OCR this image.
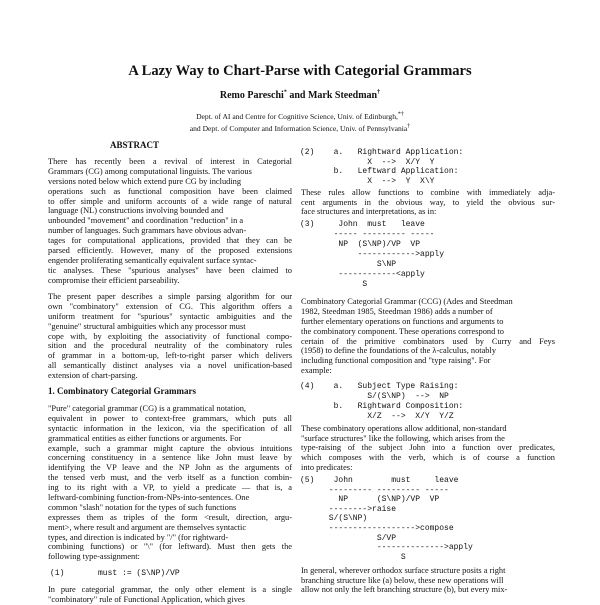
A Lazy Way to Chart-Parse with Categorial Grammars
Remo Pareschi* and Mark Steedman†
Dept. of AI and Centre for Cognitive Science, Univ. of Edinburgh,*†
and Dept. of Computer and Information Science, Univ. of Pennsylvania†
ABSTRACT
There has recently been a revival of interest in Categorial
Grammars (CG) among computational linguists. The various
versions noted below which extend pure CG by including
operations such as functional composition have been claimed
to offer simple and uniform accounts of a wide range of natural
language (NL) constructions involving bounded and
unbounded "movement" and coordination "reduction" in a
number of languages. Such grammars have obvious advan-
tages for computational applications, provided that they can be
parsed efficiently. However, many of the proposed extensions
engender proliferating semantically equivalent surface syntac-
tic analyses. These "spurious analyses" have been claimed to
compromise their efficient parseability.
The present paper describes a simple parsing algorithm for our
own "combinatory" extension of CG. This algorithm offers a
uniform treatment for "spurious" syntactic ambiguities and the
"genuine" structural ambiguities which any processor must
cope with, by exploiting the associativity of functional compo-
sition and the procedural neutrality of the combinatory rules
of grammar in a bottom-up, left-to-right parser which delivers
all semantically distinct analyses via a novel unification-based
extension of chart-parsing.
1. Combinatory Categorial Grammars
"Pure" categorial grammar (CG) is a grammatical notation,
equivalent in power to context-free grammars, which puts all
syntactic information in the lexicon, via the specification of all
grammatical entities as either functions or arguments. For
example, such a grammar might capture the obvious intuitions
concerning constituency in a sentence like John must leave by
identifying the VP leave and the NP John as the arguments of
the tensed verb must, and the verb itself as a function combin-
ing to its right with a VP, to yield a predicate — that is, a
leftward-combining function-from-NPs-into-sentences. One
common "slash" notation for the types of such functions
expresses them as triples of the form <result, direction, argu-
ment>, where result and argument are themselves syntactic
types, and direction is indicated by "/" (for rightward-
combining functions) or "\" (for leftward). Must then gets the
following type-assignment:
(1)       must := (S\NP)/VP
In pure categorial grammar, the only other element is a single
"combinatory" rule of Functional Application, which gives
(2)    a.   Rightward Application:
X  -->  X/Y  Y
b.   Leftward Application:
X  -->  Y  X\Y
These rules allow functions to combine with immediately adja-
cent arguments in the obvious way, to yield the obvious sur-
face structures and interpretations, as in:
(3)     John  must   leave
----- --------- -----
NP  (S\NP)/VP  VP
------------>apply
S\NP
------------<apply
S
Combinatory Categorial Grammar (CCG) (Ades and Steedman
1982, Steedman 1985, Steedman 1986) adds a number of
further elementary operations on functions and arguments to
the combinatory component. These operations correspond to
certain of the primitive combinators used by Curry and Feys
(1958) to define the foundations of the λ-calculus, notably
including functional composition and "type raising". For
example:
(4)    a.   Subject Type Raising:
S/(S\NP)  -->  NP
b.   Rightward Composition:
X/Z  -->  X/Y  Y/Z
These combinatory operations allow additional, non-standard
"surface structures" like the following, which arises from the
type-raising of the subject John into a function over predicates,
which composes with the verb, which is of course a function
into predicates:
(5)    John        must     leave
--------- --------- -----
NP      (S\NP)/VP  VP
-------->raise
S/(S\NP)
------------------>compose
S/VP
-------------->apply
S
In general, wherever orthodox surface structure posits a right
branching structure like (a) below, these new operations will
allow not only the left branching structure (b), but every mix-
